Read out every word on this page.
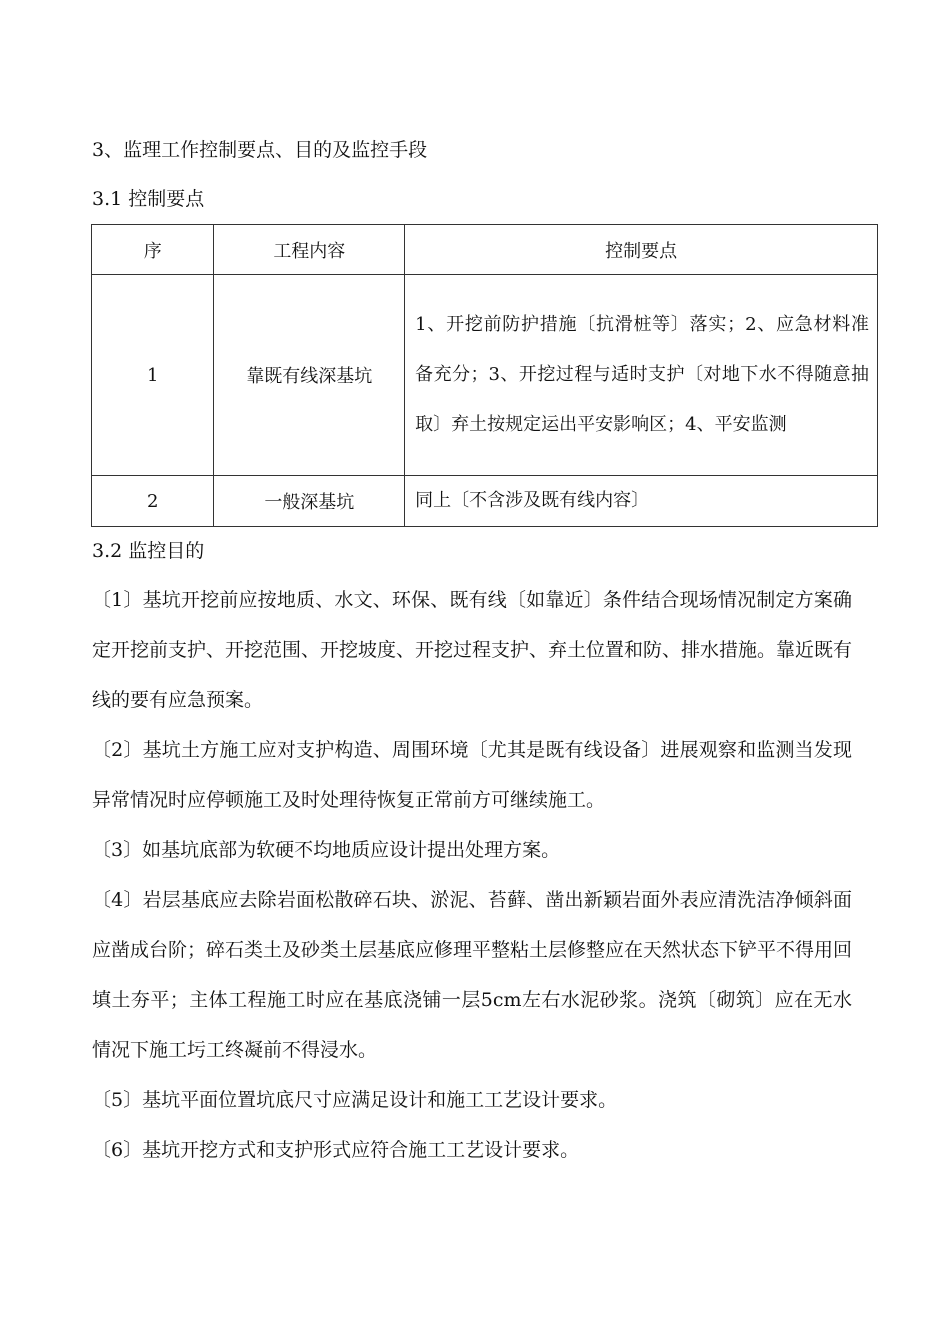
3、监理工作控制要点、目的及监控手段
3.1 控制要点
序	工程内容	控制要点
1	靠既有线深基坑	1、开挖前防护措施〔抗滑桩等〕落实；2、应急材料准备充分；3、开挖过程与适时支护〔对地下水不得随意抽取〕弃土按规定运出平安影响区；4、平安监测
2	一般深基坑	同上〔不含涉及既有线内容〕
3.2 监控目的

〔1〕基坑开挖前应按地质、水文、环保、既有线〔如靠近〕条件结合现场情况制定方案确定开挖前支护、开挖范围、开挖坡度、开挖过程支护、弃土位置和防、排水措施。靠近既有线的要有应急预案。

〔2〕基坑土方施工应对支护构造、周围环境〔尤其是既有线设备〕进展观察和监测当发现异常情况时应停顿施工及时处理待恢复正常前方可继续施工。

〔3〕如基坑底部为软硬不均地质应设计提出处理方案。

〔4〕岩层基底应去除岩面松散碎石块、淤泥、苔藓、凿出新颖岩面外表应清洗洁净倾斜面应凿成台阶；碎石类土及砂类土层基底应修理平整粘土层修整应在天然状态下铲平不得用回填土夯平；主体工程施工时应在基底浇铺一层5cm左右水泥砂浆。浇筑〔砌筑〕应在无水情况下施工圬工终凝前不得浸水。

〔5〕基坑平面位置坑底尺寸应满足设计和施工工艺设计要求。

〔6〕基坑开挖方式和支护形式应符合施工工艺设计要求。
